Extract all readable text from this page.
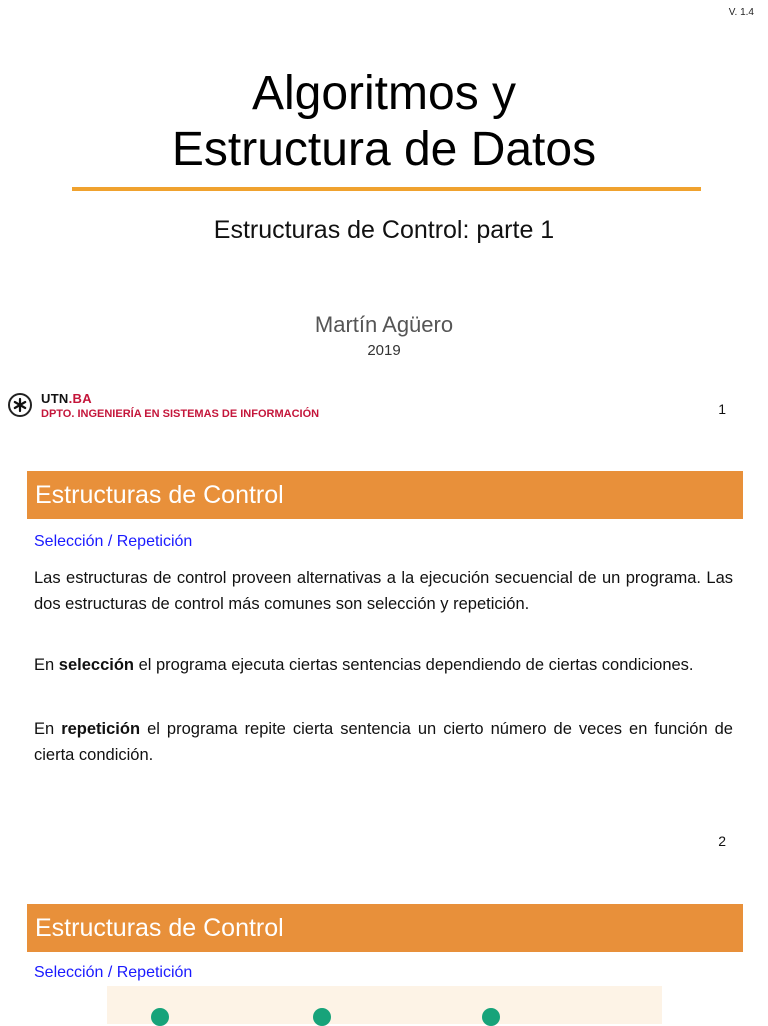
V. 1.4
Algoritmos y
Estructura de Datos
Estructuras de Control: parte 1
Martín Agüero
2019
UTN.BA
DPTO. INGENIERÍA EN SISTEMAS DE INFORMACIÓN	1
Estructuras de Control
Selección / Repetición
Las estructuras de control proveen alternativas a la ejecución secuencial de un programa. Las dos estructuras de control más comunes son selección y repetición.
En selección el programa ejecuta ciertas sentencias dependiendo de ciertas condiciones.
En repetición el programa repite cierta sentencia un cierto número de veces en función de cierta condición.
2
Estructuras de Control
Selección / Repetición
